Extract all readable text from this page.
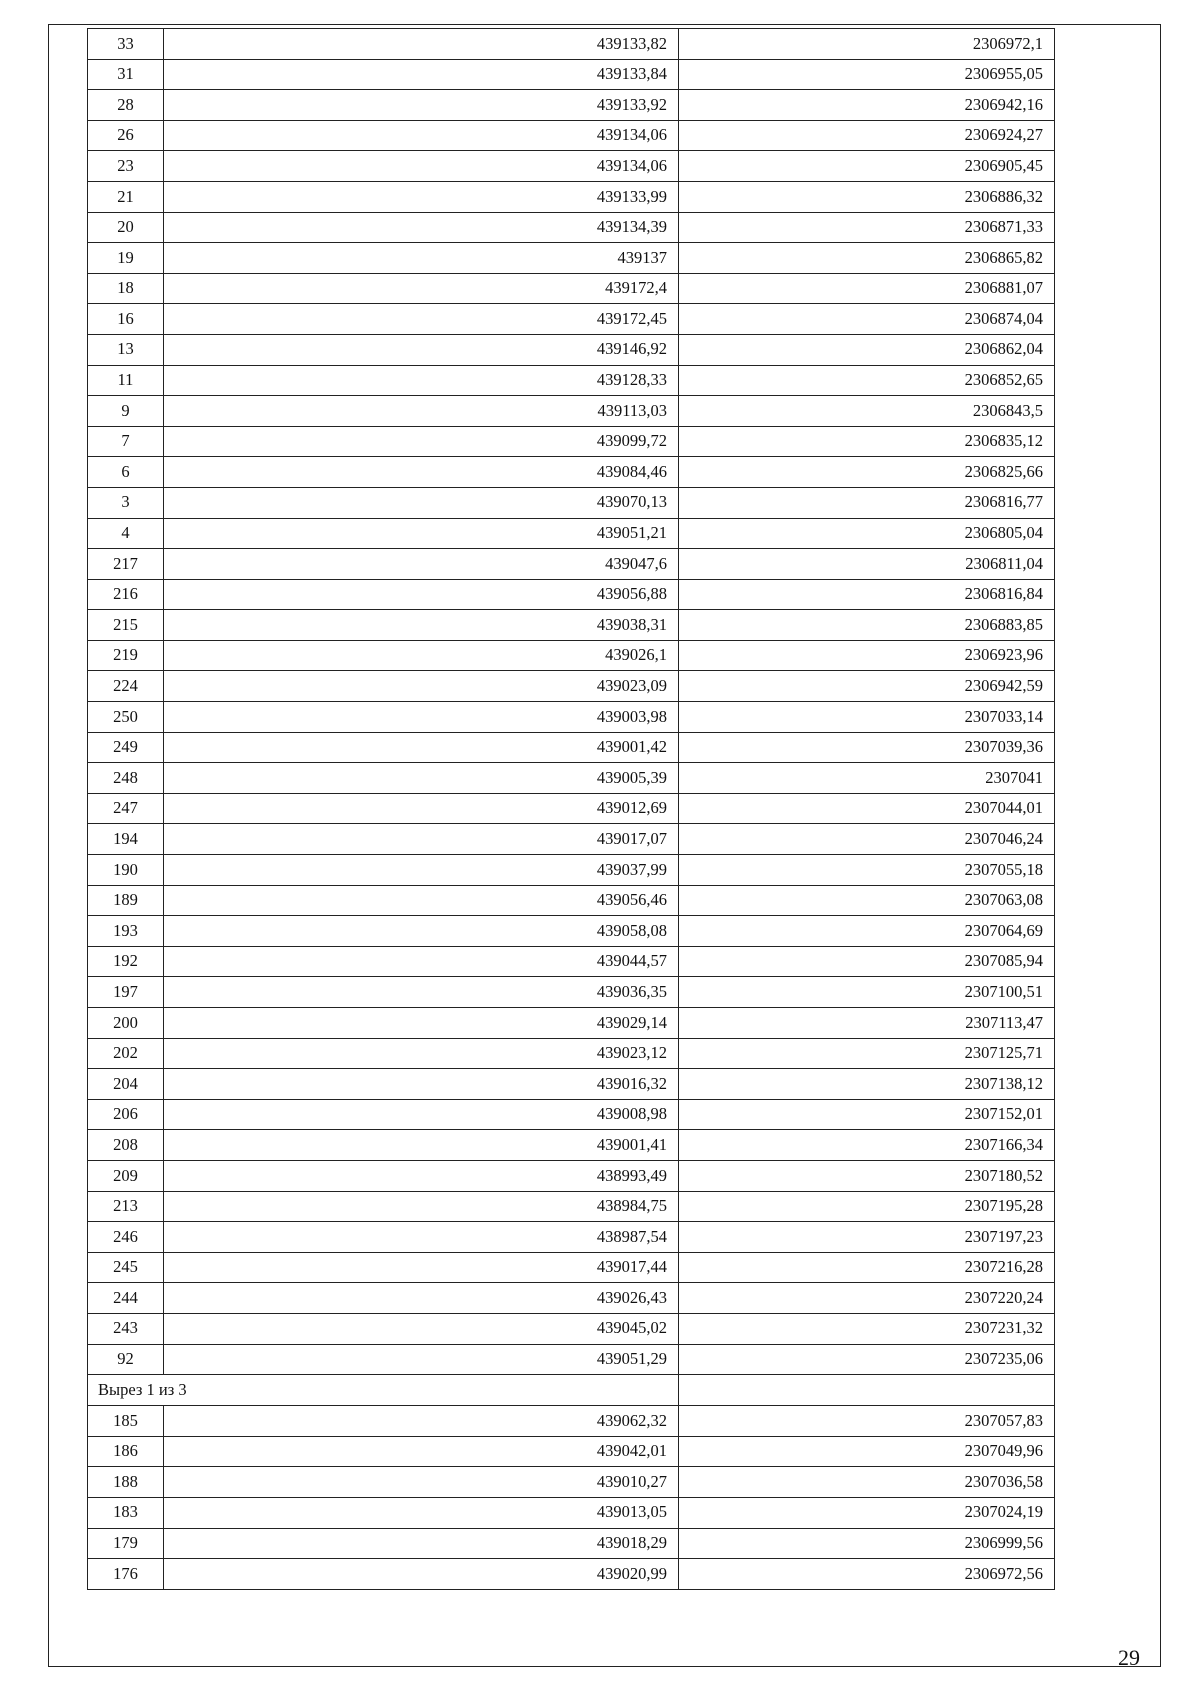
33	439133,82	2306972,1
31	439133,84	2306955,05
28	439133,92	2306942,16
26	439134,06	2306924,27
23	439134,06	2306905,45
21	439133,99	2306886,32
20	439134,39	2306871,33
19	439137	2306865,82
18	439172,4	2306881,07
16	439172,45	2306874,04
13	439146,92	2306862,04
11	439128,33	2306852,65
9	439113,03	2306843,5
7	439099,72	2306835,12
6	439084,46	2306825,66
3	439070,13	2306816,77
4	439051,21	2306805,04
217	439047,6	2306811,04
216	439056,88	2306816,84
215	439038,31	2306883,85
219	439026,1	2306923,96
224	439023,09	2306942,59
250	439003,98	2307033,14
249	439001,42	2307039,36
248	439005,39	2307041
247	439012,69	2307044,01
194	439017,07	2307046,24
190	439037,99	2307055,18
189	439056,46	2307063,08
193	439058,08	2307064,69
192	439044,57	2307085,94
197	439036,35	2307100,51
200	439029,14	2307113,47
202	439023,12	2307125,71
204	439016,32	2307138,12
206	439008,98	2307152,01
208	439001,41	2307166,34
209	438993,49	2307180,52
213	438984,75	2307195,28
246	438987,54	2307197,23
245	439017,44	2307216,28
244	439026,43	2307220,24
243	439045,02	2307231,32
92	439051,29	2307235,06
Вырез 1 из 3		
185	439062,32	2307057,83
186	439042,01	2307049,96
188	439010,27	2307036,58
183	439013,05	2307024,19
179	439018,29	2306999,56
176	439020,99	2306972,56
29
